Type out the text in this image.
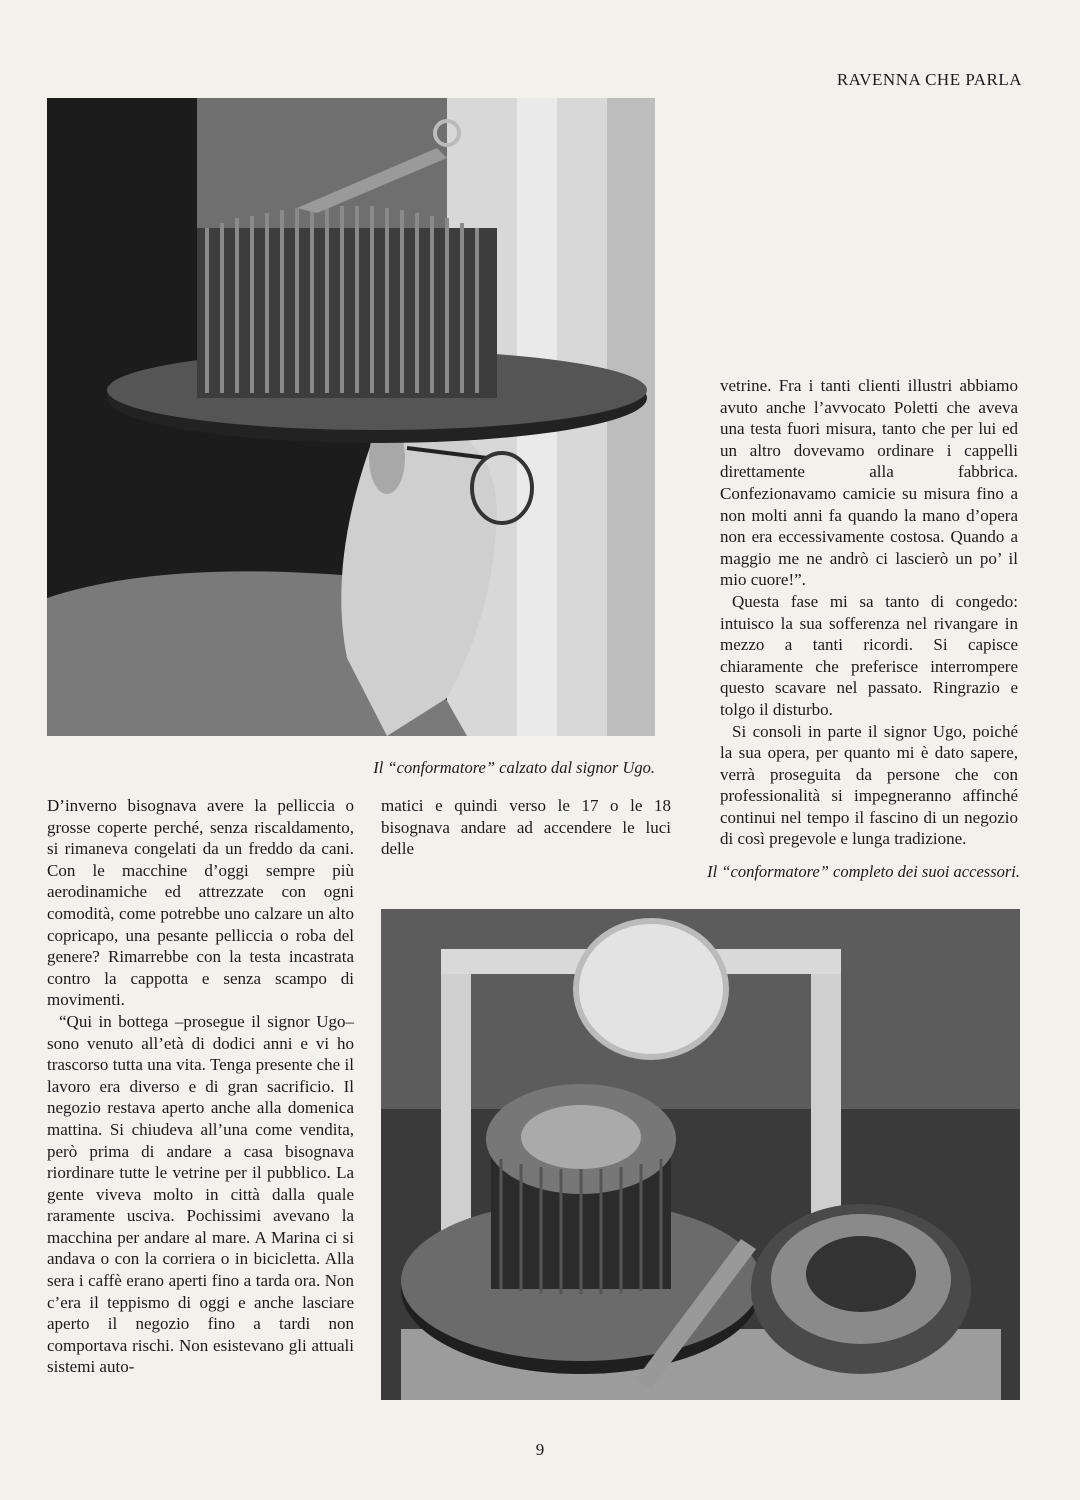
RAVENNA CHE PARLA
Il “conformatore” calzato dal signor Ugo.
Il “conformatore” completo dei suoi accessori.

D’inverno bisognava avere la pelliccia o grosse coperte perché, senza riscaldamento, si rimaneva congelati da un freddo da cani. Con le macchine d’oggi sempre più aerodinamiche ed attrezzate con ogni comodità, come potrebbe uno calzare un alto copricapo, una pesante pelliccia o roba del genere? Rimarrebbe con la testa incastrata contro la cappotta e senza scampo di movimenti.

“Qui in bottega –prosegue il signor Ugo– sono venuto all’età di dodici anni e vi ho trascorso tutta una vita. Tenga presente che il lavoro era diverso e di gran sacrificio. Il negozio restava aperto anche alla domenica mattina. Si chiudeva all’una come vendita, però prima di andare a casa bisognava riordinare tutte le vetrine per il pubblico. La gente viveva molto in città dalla quale raramente usciva. Pochissimi avevano la macchina per andare al mare. A Marina ci si andava o con la corriera o in bicicletta. Alla sera i caffè erano aperti fino a tarda ora. Non c’era il teppismo di oggi e anche lasciare aperto il negozio fino a tardi non comportava rischi. Non esistevano gli attuali sistemi auto-

matici e quindi verso le 17 o le 18 bisognava andare ad accendere le luci delle

vetrine. Fra i tanti clienti illustri abbiamo avuto anche l’avvocato Poletti che aveva una testa fuori misura, tanto che per lui ed un altro dovevamo ordinare i cappelli direttamente alla fabbrica. Confezionavamo camicie su misura fino a non molti anni fa quando la mano d’opera non era eccessivamente costosa. Quando a maggio me ne andrò ci lascierò un po’ il mio cuore!”.

Questa fase mi sa tanto di congedo: intuisco la sua sofferenza nel rivangare in mezzo a tanti ricordi. Si capisce chiaramente che preferisce interrompere questo scavare nel passato. Ringrazio e tolgo il disturbo.

Si consoli in parte il signor Ugo, poiché la sua opera, per quanto mi è dato sapere, verrà proseguita da persone che con professionalità si impegneranno affinché continui nel tempo il fascino di un negozio di così pregevole e lunga tradizione.

9
